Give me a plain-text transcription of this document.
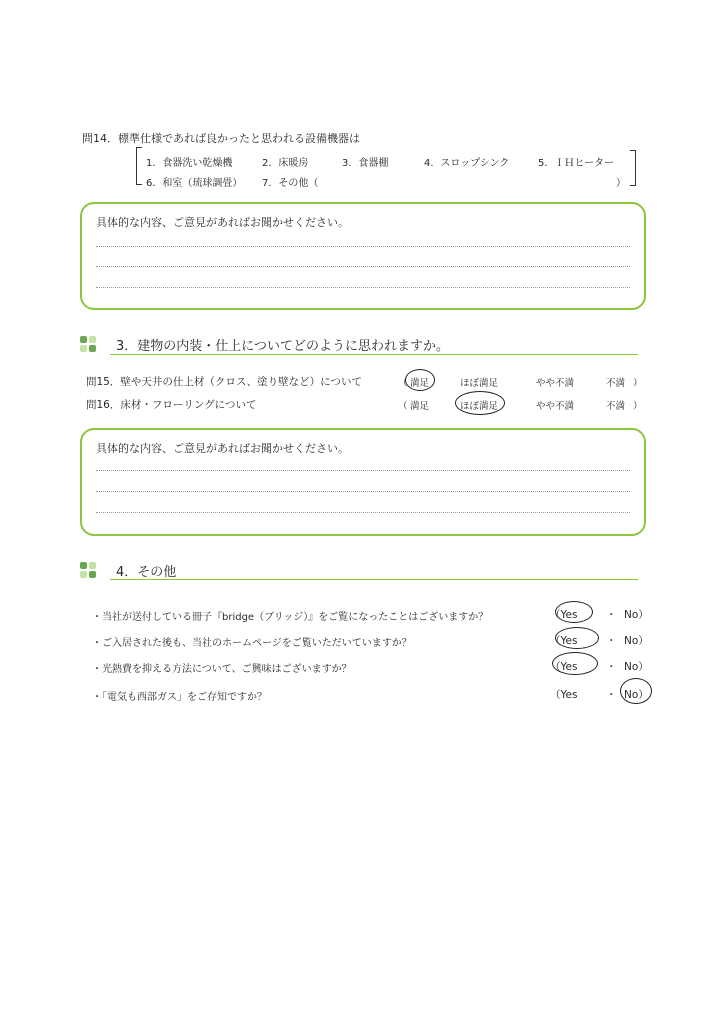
問14．標準仕様であれば良かったと思われる設備機器は
1．食器洗い乾燥機	2．床暖房	3．食器棚	4．スロップシンク	5．ＩＨヒーター
6．和室（琉球調畳） 7．その他（	）
具体的な内容、ご意見があればお聞かせください。
3．建物の内装・仕上についてどのように思われますか。
問15．壁や天井の仕上材（クロス、塗り壁など）について	（ 満足	ほぼ満足	やや不満	不満 ）
問16．床材・フローリングについて	（ 満足	ほぼ満足	やや不満	不満 ）
具体的な内容、ご意見があればお聞かせください。
4．その他
・当社が送付している冊子『bridge（ブリッジ）』をご覧になったことはございますか？	（Yes	・ No）
・ご入居された後も、当社のホームページをご覧いただいていますか？	（Yes	・ No）
・光熱費を抑える方法について、ご興味はございますか？	（Yes	・ No）
・「電気も西部ガス」をご存知ですか？	（Yes	・ No）
